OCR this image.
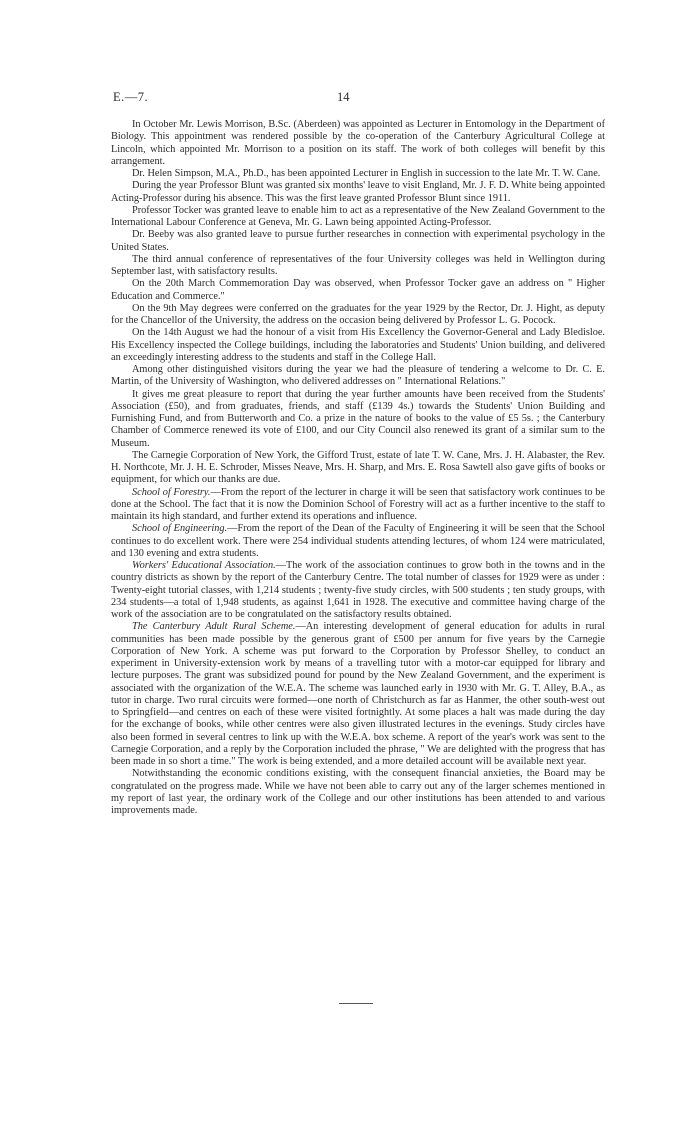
E.—7.	14

In October Mr. Lewis Morrison, B.Sc. (Aberdeen) was appointed as Lecturer in Entomology in the Department of Biology. This appointment was rendered possible by the co-operation of the Canterbury Agricultural College at Lincoln, which appointed Mr. Morrison to a position on its staff. The work of both colleges will benefit by this arrangement.

Dr. Helen Simpson, M.A., Ph.D., has been appointed Lecturer in English in succession to the late Mr. T. W. Cane.

During the year Professor Blunt was granted six months' leave to visit England, Mr. J. F. D. White being appointed Acting-Professor during his absence. This was the first leave granted Professor Blunt since 1911.

Professor Tocker was granted leave to enable him to act as a representative of the New Zealand Government to the International Labour Conference at Geneva, Mr. G. Lawn being appointed Acting-Professor.

Dr. Beeby was also granted leave to pursue further researches in connection with experimental psychology in the United States.

The third annual conference of representatives of the four University colleges was held in Wellington during September last, with satisfactory results.

On the 20th March Commemoration Day was observed, when Professor Tocker gave an address on " Higher Education and Commerce."

On the 9th May degrees were conferred on the graduates for the year 1929 by the Rector, Dr. J. Hight, as deputy for the Chancellor of the University, the address on the occasion being delivered by Professor L. G. Pocock.

On the 14th August we had the honour of a visit from His Excellency the Governor-General and Lady Bledisloe. His Excellency inspected the College buildings, including the laboratories and Students' Union building, and delivered an exceedingly interesting address to the students and staff in the College Hall.

Among other distinguished visitors during the year we had the pleasure of tendering a welcome to Dr. C. E. Martin, of the University of Washington, who delivered addresses on " International Relations."

It gives me great pleasure to report that during the year further amounts have been received from the Students' Association (£50), and from graduates, friends, and staff (£139 4s.) towards the Students' Union Building and Furnishing Fund, and from Butterworth and Co. a prize in the nature of books to the value of £5 5s. ; the Canterbury Chamber of Commerce renewed its vote of £100, and our City Council also renewed its grant of a similar sum to the Museum.

The Carnegie Corporation of New York, the Gifford Trust, estate of late T. W. Cane, Mrs. J. H. Alabaster, the Rev. H. Northcote, Mr. J. H. E. Schroder, Misses Neave, Mrs. H. Sharp, and Mrs. E. Rosa Sawtell also gave gifts of books or equipment, for which our thanks are due.

School of Forestry.—From the report of the lecturer in charge it will be seen that satisfactory work continues to be done at the School. The fact that it is now the Dominion School of Forestry will act as a further incentive to the staff to maintain its high standard, and further extend its operations and influence.

School of Engineering.—From the report of the Dean of the Faculty of Engineering it will be seen that the School continues to do excellent work. There were 254 individual students attending lectures, of whom 124 were matriculated, and 130 evening and extra students.

Workers' Educational Association.—The work of the association continues to grow both in the towns and in the country districts as shown by the report of the Canterbury Centre. The total number of classes for 1929 were as under : Twenty-eight tutorial classes, with 1,214 students ; twenty-five study circles, with 500 students ; ten study groups, with 234 students—a total of 1,948 students, as against 1,641 in 1928. The executive and committee having charge of the work of the association are to be congratulated on the satisfactory results obtained.

The Canterbury Adult Rural Scheme.—An interesting development of general education for adults in rural communities has been made possible by the generous grant of £500 per annum for five years by the Carnegie Corporation of New York. A scheme was put forward to the Corporation by Professor Shelley, to conduct an experiment in University-extension work by means of a travelling tutor with a motor-car equipped for library and lecture purposes. The grant was subsidized pound for pound by the New Zealand Government, and the experiment is associated with the organization of the W.E.A. The scheme was launched early in 1930 with Mr. G. T. Alley, B.A., as tutor in charge. Two rural circuits were formed—one north of Christchurch as far as Hanmer, the other south-west out to Springfield—and centres on each of these were visited fortnightly. At some places a halt was made during the day for the exchange of books, while other centres were also given illustrated lectures in the evenings. Study circles have also been formed in several centres to link up with the W.E.A. box scheme. A report of the year's work was sent to the Carnegie Corporation, and a reply by the Corporation included the phrase, " We are delighted with the progress that has been made in so short a time." The work is being extended, and a more detailed account will be available next year.

Notwithstanding the economic conditions existing, with the consequent financial anxieties, the Board may be congratulated on the progress made. While we have not been able to carry out any of the larger schemes mentioned in my report of last year, the ordinary work of the College and our other institutions has been attended to and various improvements made.
